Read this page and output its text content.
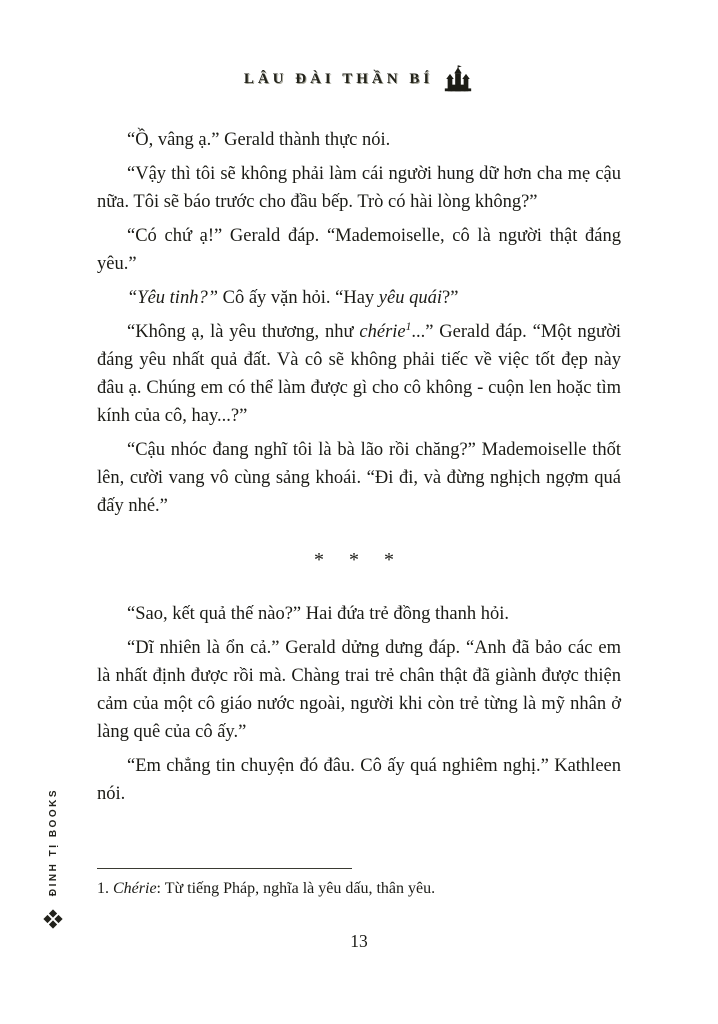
LÂU ĐÀI THẦN BÍ

“Ồ, vâng ạ.” Gerald thành thực nói.

“Vậy thì tôi sẽ không phải làm cái người hung dữ hơn cha mẹ cậu nữa. Tôi sẽ báo trước cho đầu bếp. Trò có hài lòng không?”

“Có chứ ạ!” Gerald đáp. “Mademoiselle, cô là người thật đáng yêu.”

“Yêu tinh?” Cô ấy vặn hỏi. “Hay yêu quái?”

“Không ạ, là yêu thương, như chérie$^1$...” Gerald đáp. “Một người đáng yêu nhất quả đất. Và cô sẽ không phải tiếc về việc tốt đẹp này đâu ạ. Chúng em có thể làm được gì cho cô không - cuộn len hoặc tìm kính của cô, hay...?”

“Cậu nhóc đang nghĩ tôi là bà lão rồi chăng?” Mademoiselle thốt lên, cười vang vô cùng sảng khoái. “Đi đi, và đừng nghịch ngợm quá đấy nhé.”

* * *

“Sao, kết quả thế nào?” Hai đứa trẻ đồng thanh hỏi.

“Dĩ nhiên là ổn cả.” Gerald dửng dưng đáp. “Anh đã bảo các em là nhất định được rồi mà. Chàng trai trẻ chân thật đã giành được thiện cảm của một cô giáo nước ngoài, người khi còn trẻ từng là mỹ nhân ở làng quê của cô ấy.”

“Em chẳng tin chuyện đó đâu. Cô ấy quá nghiêm nghị.” Kathleen nói.

1. Chérie: Từ tiếng Pháp, nghĩa là yêu dấu, thân yêu.

13
ĐINH TỊ BOOKS
